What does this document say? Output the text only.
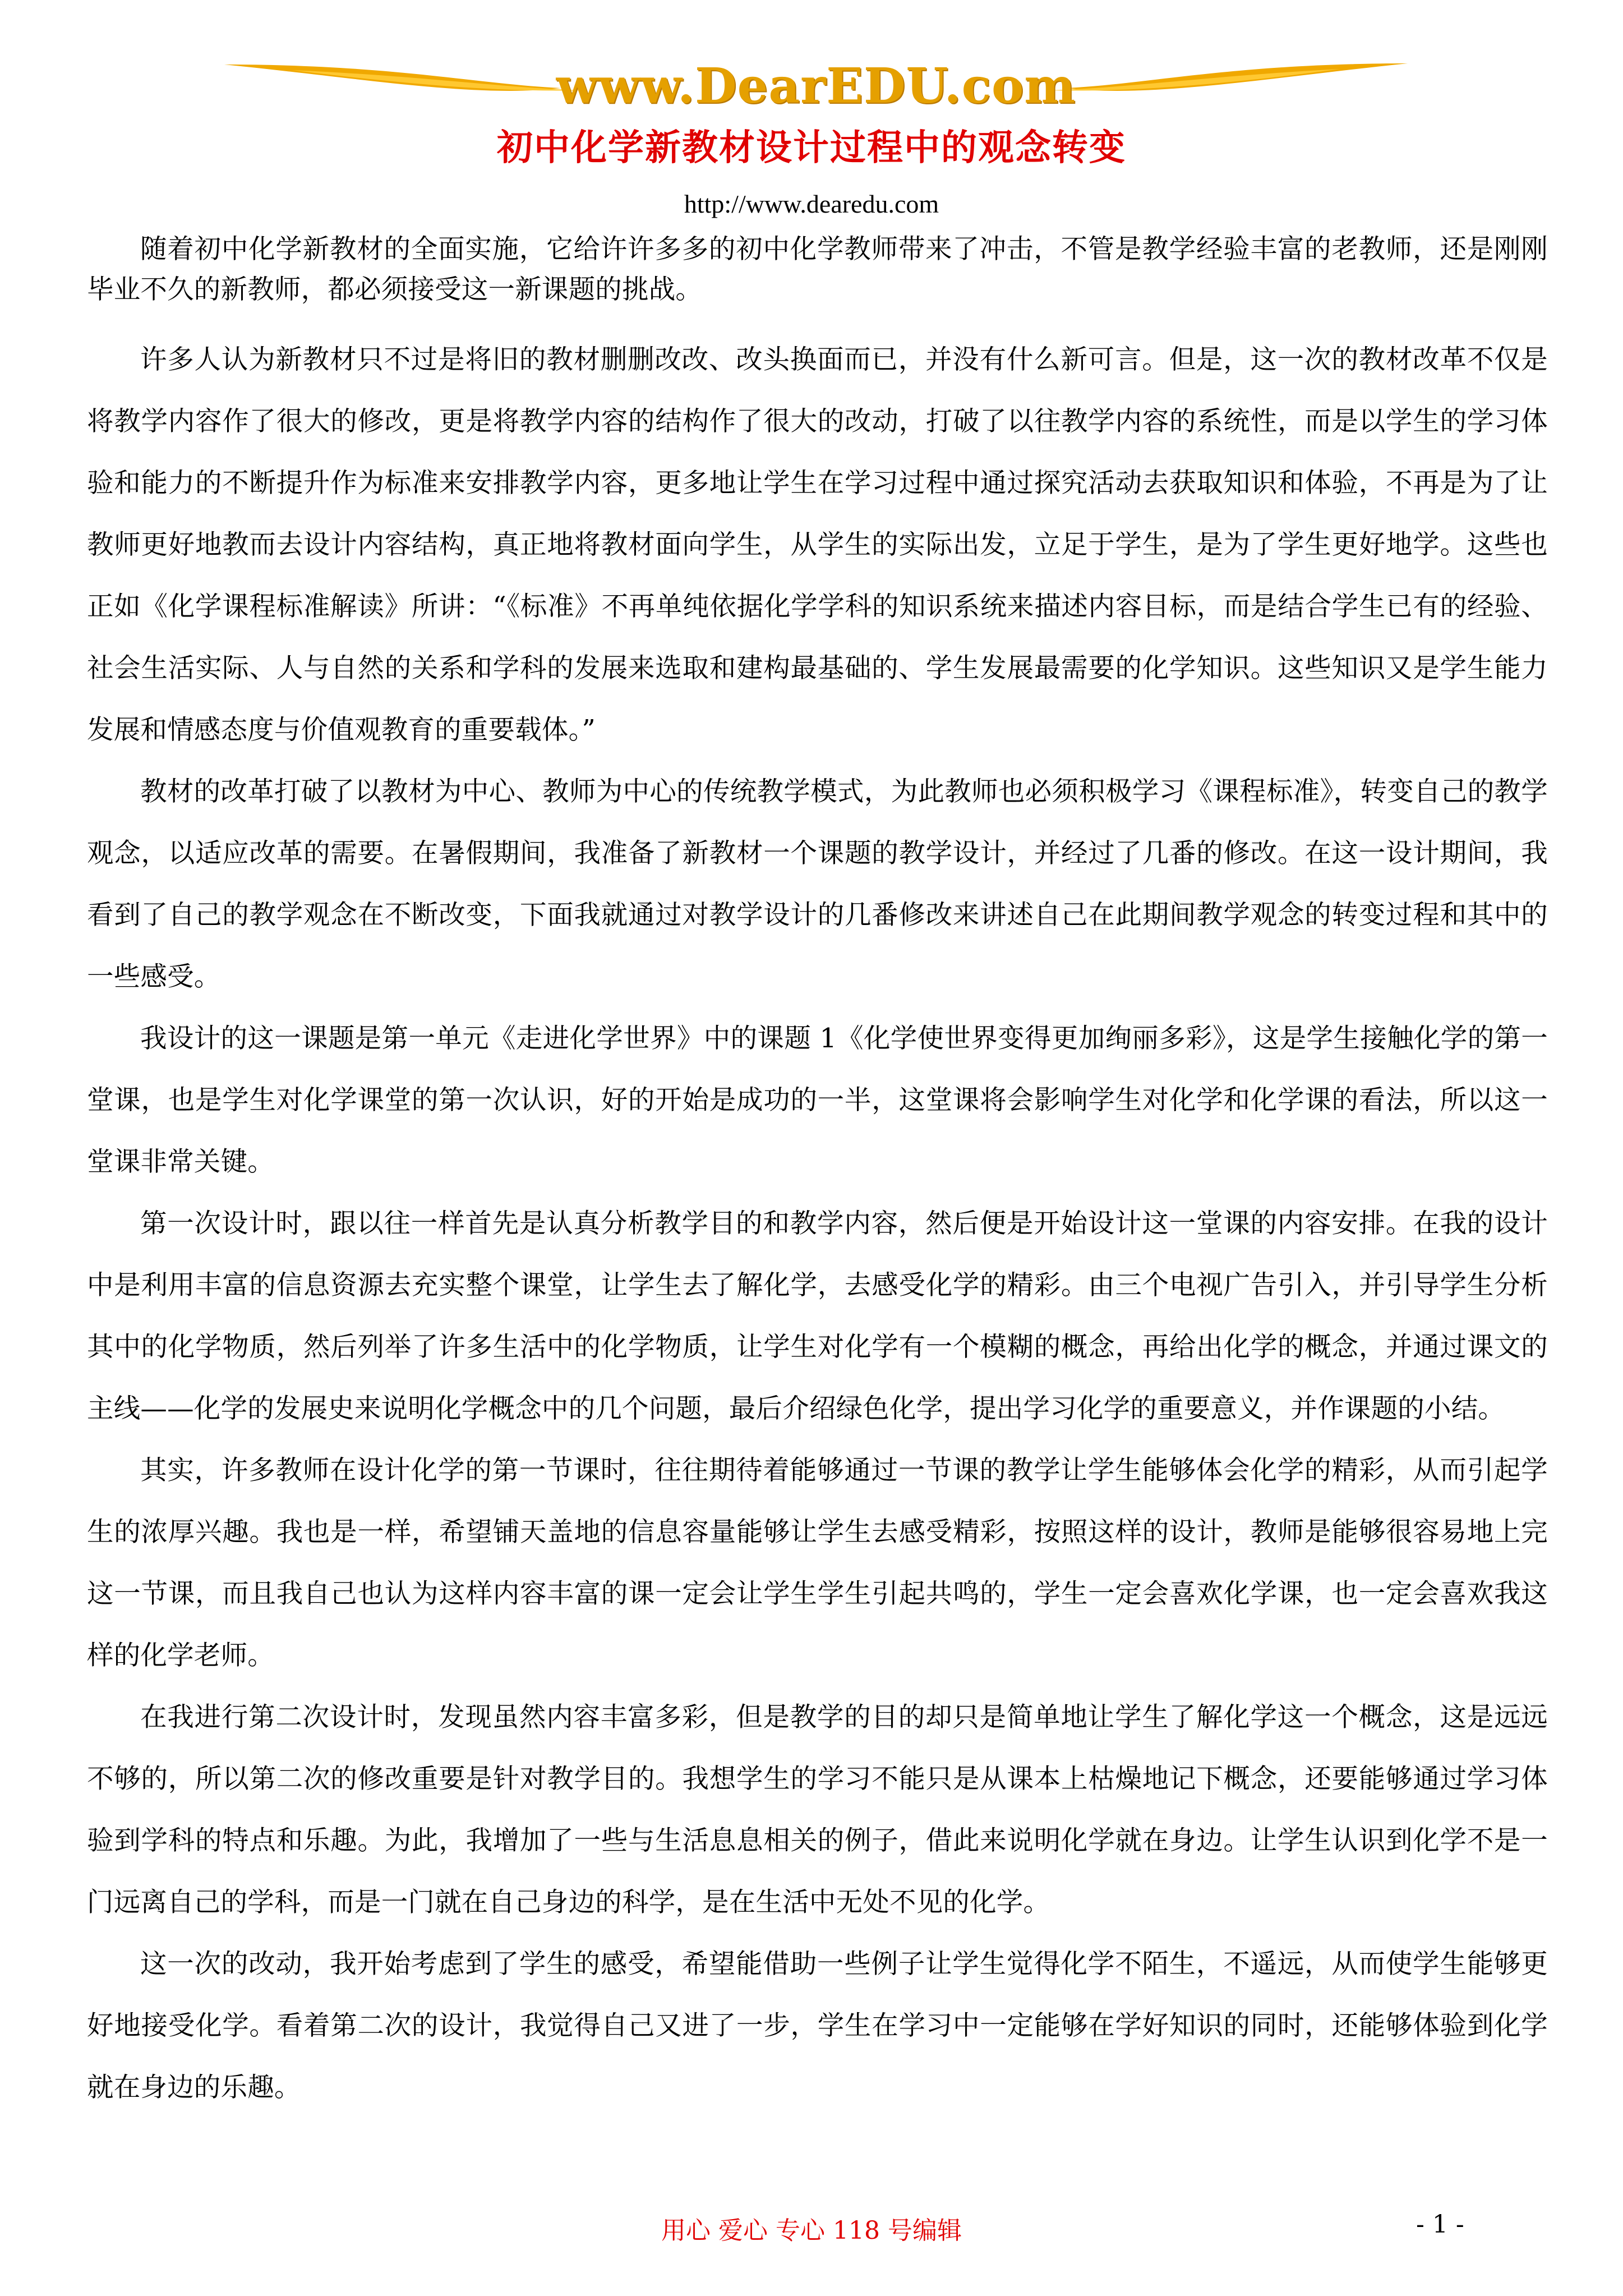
www.DearEDU.com
初中化学新教材设计过程中的观念转变
http://www.dearedu.com

随着初中化学新教材的全面实施，它给许许多多的初中化学教师带来了冲击，不管是教学经验丰富的老教师，还是刚刚毕业不久的新教师，都必须接受这一新课题的挑战。

许多人认为新教材只不过是将旧的教材删删改改、改头换面而已，并没有什么新可言。但是，这一次的教材改革不仅是将教学内容作了很大的修改，更是将教学内容的结构作了很大的改动，打破了以往教学内容的系统性，而是以学生的学习体验和能力的不断提升作为标准来安排教学内容，更多地让学生在学习过程中通过探究活动去获取知识和体验，不再是为了让教师更好地教而去设计内容结构，真正地将教材面向学生，从学生的实际出发，立足于学生，是为了学生更好地学。这些也正如《化学课程标准解读》所讲：“《标准》不再单纯依据化学学科的知识系统来描述内容目标，而是结合学生已有的经验、社会生活实际、人与自然的关系和学科的发展来选取和建构最基础的、学生发展最需要的化学知识。这些知识又是学生能力发展和情感态度与价值观教育的重要载体。”

教材的改革打破了以教材为中心、教师为中心的传统教学模式，为此教师也必须积极学习《课程标准》，转变自己的教学观念，以适应改革的需要。在暑假期间，我准备了新教材一个课题的教学设计，并经过了几番的修改。在这一设计期间，我看到了自己的教学观念在不断改变，下面我就通过对教学设计的几番修改来讲述自己在此期间教学观念的转变过程和其中的一些感受。

我设计的这一课题是第一单元《走进化学世界》中的课题 1《化学使世界变得更加绚丽多彩》，这是学生接触化学的第一堂课，也是学生对化学课堂的第一次认识，好的开始是成功的一半，这堂课将会影响学生对化学和化学课的看法，所以这一堂课非常关键。

第一次设计时，跟以往一样首先是认真分析教学目的和教学内容，然后便是开始设计这一堂课的内容安排。在我的设计中是利用丰富的信息资源去充实整个课堂，让学生去了解化学，去感受化学的精彩。由三个电视广告引入，并引导学生分析其中的化学物质，然后列举了许多生活中的化学物质，让学生对化学有一个模糊的概念，再给出化学的概念，并通过课文的主线——化学的发展史来说明化学概念中的几个问题，最后介绍绿色化学，提出学习化学的重要意义，并作课题的小结。

其实，许多教师在设计化学的第一节课时，往往期待着能够通过一节课的教学让学生能够体会化学的精彩，从而引起学生的浓厚兴趣。我也是一样，希望铺天盖地的信息容量能够让学生去感受精彩，按照这样的设计，教师是能够很容易地上完这一节课，而且我自己也认为这样内容丰富的课一定会让学生学生引起共鸣的，学生一定会喜欢化学课，也一定会喜欢我这样的化学老师。

在我进行第二次设计时，发现虽然内容丰富多彩，但是教学的目的却只是简单地让学生了解化学这一个概念，这是远远不够的，所以第二次的修改重要是针对教学目的。我想学生的学习不能只是从课本上枯燥地记下概念，还要能够通过学习体验到学科的特点和乐趣。为此，我增加了一些与生活息息相关的例子，借此来说明化学就在身边。让学生认识到化学不是一门远离自己的学科，而是一门就在自己身边的科学，是在生活中无处不见的化学。

这一次的改动，我开始考虑到了学生的感受，希望能借助一些例子让学生觉得化学不陌生，不遥远，从而使学生能够更好地接受化学。看着第二次的设计，我觉得自己又进了一步，学生在学习中一定能够在学好知识的同时，还能够体验到化学就在身边的乐趣。

用心 爱心 专心 118 号编辑	- 1 -
